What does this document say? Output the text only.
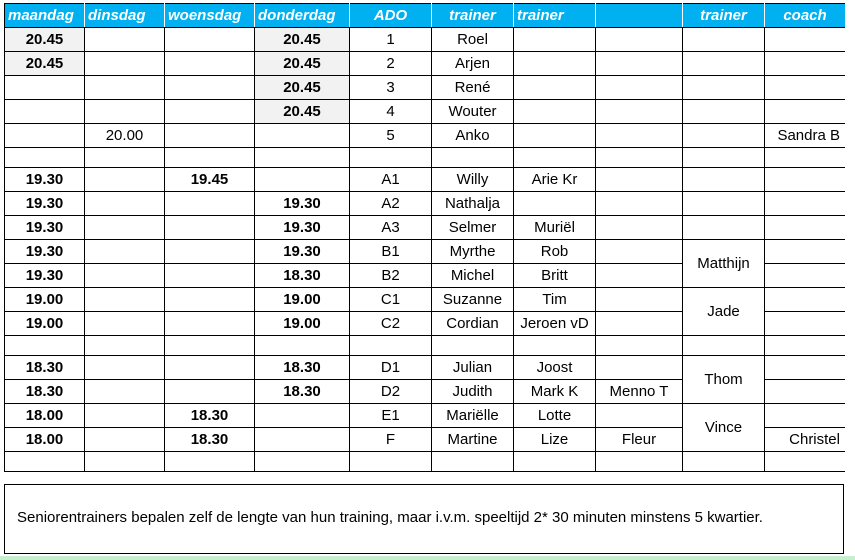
maandag	dinsdag	woensdag	donderdag	ADO	trainer	trainer		trainer	coach
20.45			20.45	1	Roel				
20.45			20.45	2	Arjen				
			20.45	3	René				
			20.45	4	Wouter				
	20.00			5	Anko				Sandra B

19.30		19.45		A1	Willy	Arie Kr			
19.30			19.30	A2	Nathalja				
19.30			19.30	A3	Selmer	Muriël			
19.30			19.30	B1	Myrthe	Rob		Matthijn	
19.30			18.30	B2	Michel	Britt			
19.00			19.00	C1	Suzanne	Tim		Jade	
19.00			19.00	C2	Cordian	Jeroen vD			

18.30			18.30	D1	Julian	Joost		Thom	
18.30			18.30	D2	Judith	Mark K	Menno T		
18.00		18.30		E1	Mariëlle	Lotte		Vince	
18.00		18.30		F	Martine	Lize	Fleur		Christel

Seniorentrainers bepalen zelf de lengte van hun training, maar i.v.m. speeltijd 2* 30 minuten minstens 5 kwartier.
